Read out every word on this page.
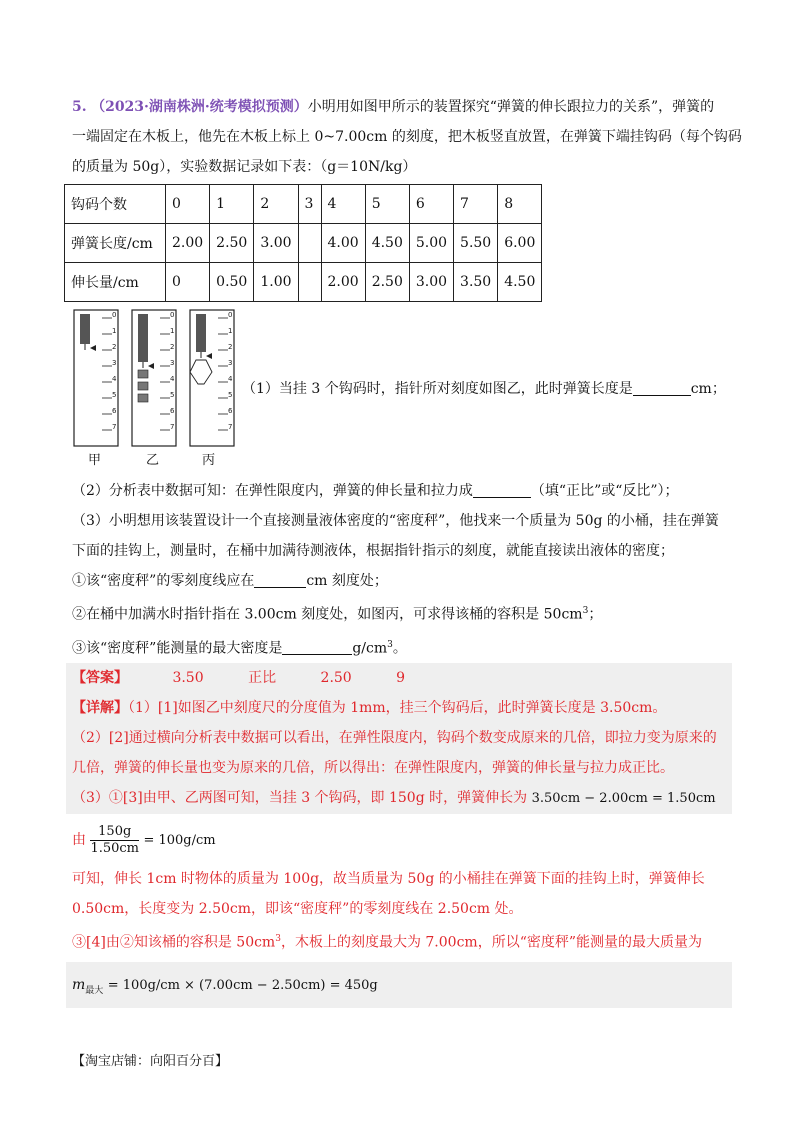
5. （2023·湖南株洲·统考模拟预测）小明用如图甲所示的装置探究“弹簧的伸长跟拉力的关系”，弹簧的
一端固定在木板上，他先在木板上标上 0~7.00cm 的刻度，把木板竖直放置，在弹簧下端挂钩码（每个钩码
的质量为 50g），实验数据记录如下表：（g＝10N/kg）
钩码个数	0	1	2	3	4	5	6	7	8
弹簧长度/cm	2.00	2.50	3.00		4.00	4.50	5.00	5.50	6.00
伸长量/cm	0	0.50	1.00		2.00	2.50	3.00	3.50	4.50
0
1
2
3
4
5
6
7
0
1
2
3
4
5
6
7
0
1
2
3
4
5
6
7
甲	乙	丙
（1）当挂 3 个钩码时，指针所对刻度如图乙，此时弹簧长度是	cm；
（2）分析表中数据可知：在弹性限度内，弹簧的伸长量和拉力成	（填“正比”或“反比”）；
（3）小明想用该装置设计一个直接测量液体密度的“密度秤”，他找来一个质量为 50g 的小桶，挂在弹簧
下面的挂钩上，测量时，在桶中加满待测液体，根据指针指示的刻度，就能直接读出液体的密度；
①该“密度秤”的零刻度线应在	cm 刻度处；
②在桶中加满水时指针指在 3.00cm 刻度处，如图丙，可求得该桶的容积是 $50cm^3$；
③该“密度秤”能测量的最大密度是	$g/cm^3$。
【答案】	3.50	正比	2.50	9
【详解】（1）[1]如图乙中刻度尺的分度值为 1mm，挂三个钩码后，此时弹簧长度是 3.50cm。
（2）[2]通过横向分析表中数据可以看出，在弹性限度内，钩码个数变成原来的几倍，即拉力变为原来的
几倍，弹簧的伸长量也变为原来的几倍，所以得出：在弹性限度内，弹簧的伸长量与拉力成正比。
（3）①[3]由甲、乙两图可知，当挂 3 个钩码，即 150g 时，弹簧伸长为 3.50cm − 2.00cm = 1.50cm
由 $\frac{150g}{1.50cm} = 100g/cm$
可知，伸长 1cm 时物体的质量为 100g，故当质量为 50g 的小桶挂在弹簧下面的挂钩上时，弹簧伸长
0.50cm，长度变为 2.50cm，即该“密度秤”的零刻度线在 2.50cm 处。
③[4]由②知该桶的容积是 $50cm^3$，木板上的刻度最大为 7.00cm，所以“密度秤”能测量的最大质量为
$m_{最大} = 100g/cm \times (7.00cm - 2.50cm) = 450g$
【淘宝店铺：向阳百分百】
